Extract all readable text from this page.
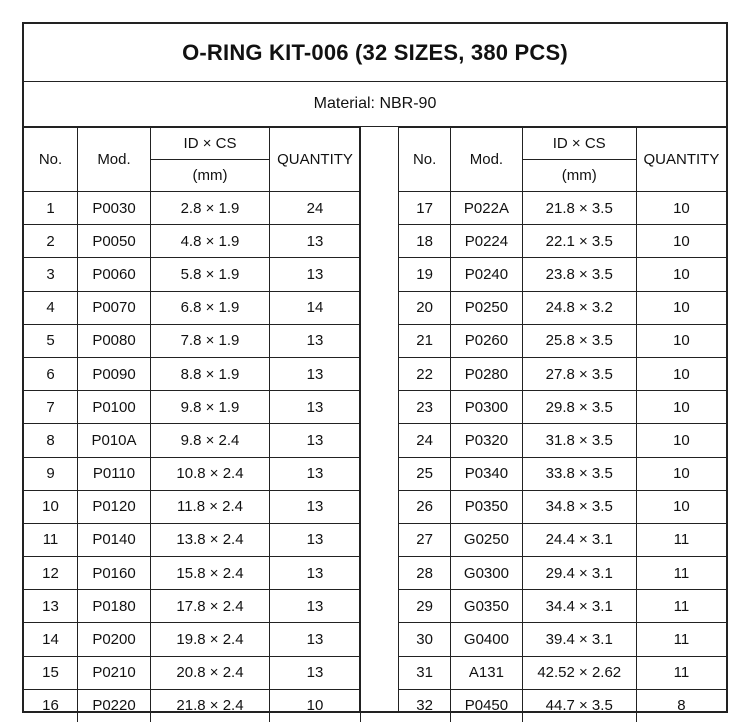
O-RING KIT-006 (32 SIZES, 380 PCS)
Material: NBR-90
No.	Mod.	ID × CS	QUANTITY
		(mm)	
1	P0030	2.8 × 1.9	24
2	P0050	4.8 × 1.9	13
3	P0060	5.8 × 1.9	13
4	P0070	6.8 × 1.9	14
5	P0080	7.8 × 1.9	13
6	P0090	8.8 × 1.9	13
7	P0100	9.8 × 1.9	13
8	P010A	9.8 × 2.4	13
9	P0110	10.8 × 2.4	13
10	P0120	11.8 × 2.4	13
11	P0140	13.8 × 2.4	13
12	P0160	15.8 × 2.4	13
13	P0180	17.8 × 2.4	13
14	P0200	19.8 × 2.4	13
15	P0210	20.8 × 2.4	13
16	P0220	21.8 × 2.4	10
No.	Mod.	ID × CS	QUANTITY
		(mm)	
17	P022A	21.8 × 3.5	10
18	P0224	22.1 × 3.5	10
19	P0240	23.8 × 3.5	10
20	P0250	24.8 × 3.2	10
21	P0260	25.8 × 3.5	10
22	P0280	27.8 × 3.5	10
23	P0300	29.8 × 3.5	10
24	P0320	31.8 × 3.5	10
25	P0340	33.8 × 3.5	10
26	P0350	34.8 × 3.5	10
27	G0250	24.4 × 3.1	11
28	G0300	29.4 × 3.1	11
29	G0350	34.4 × 3.1	11
30	G0400	39.4 × 3.1	11
31	A131	42.52 × 2.62	11
32	P0450	44.7 × 3.5	8
